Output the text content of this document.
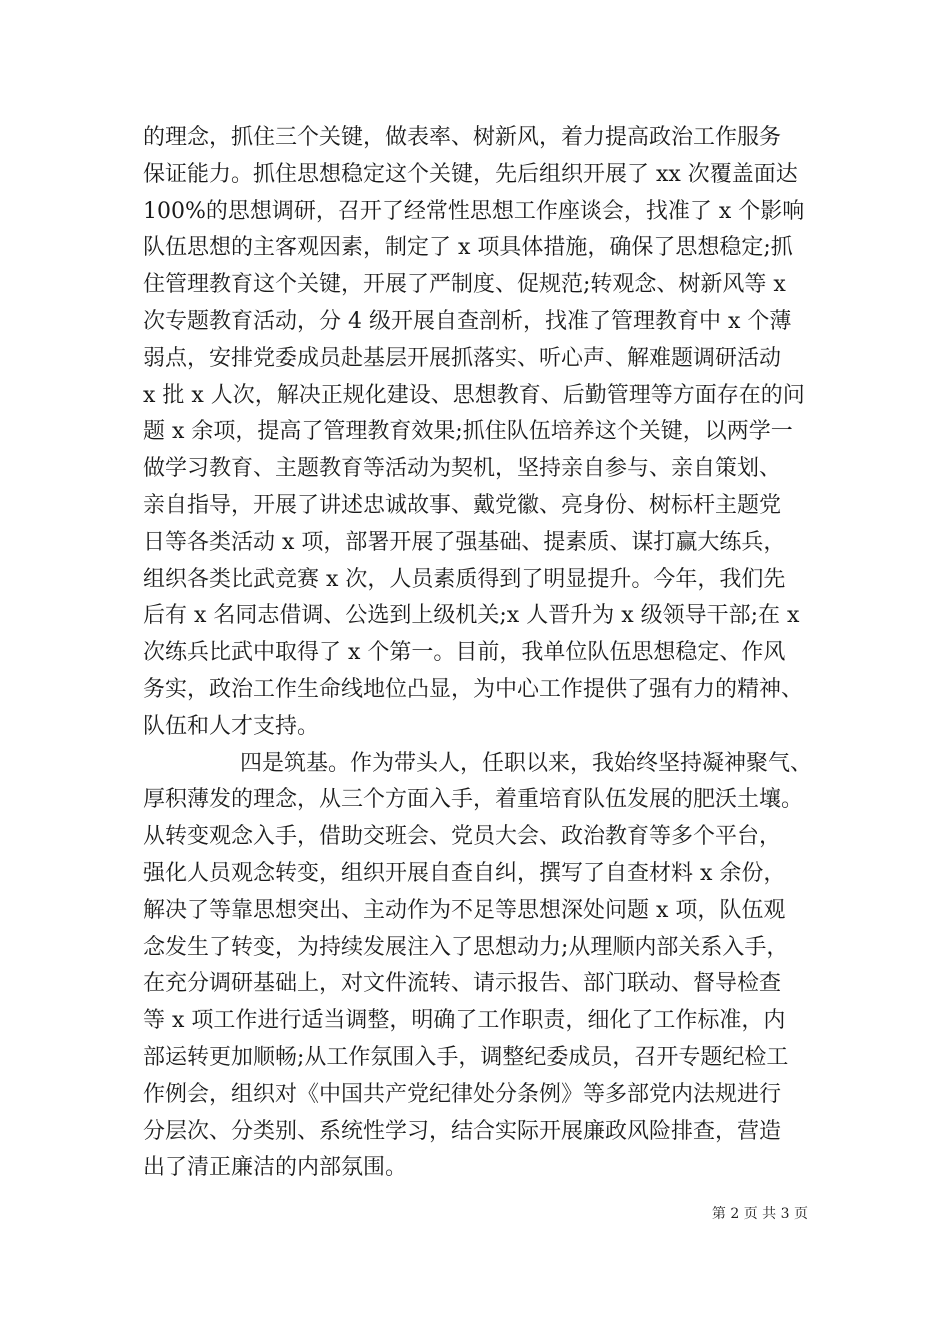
的理念，抓住三个关键，做表率、树新风，着力提高政治工作服务
保证能力。抓住思想稳定这个关键，先后组织开展了 xx 次覆盖面达
100%的思想调研，召开了经常性思想工作座谈会，找准了 x 个影响
队伍思想的主客观因素，制定了 x 项具体措施，确保了思想稳定;抓
住管理教育这个关键，开展了严制度、促规范;转观念、树新风等 x
次专题教育活动，分 4 级开展自查剖析，找准了管理教育中 x 个薄
弱点，安排党委成员赴基层开展抓落实、听心声、解难题调研活动
x 批 x 人次，解决正规化建设、思想教育、后勤管理等方面存在的问
题 x 余项，提高了管理教育效果;抓住队伍培养这个关键，以两学一
做学习教育、主题教育等活动为契机，坚持亲自参与、亲自策划、
亲自指导，开展了讲述忠诚故事、戴党徽、亮身份、树标杆主题党
日等各类活动 x 项，部署开展了强基础、提素质、谋打赢大练兵，
组织各类比武竞赛 x 次，人员素质得到了明显提升。今年，我们先
后有 x 名同志借调、公选到上级机关;x 人晋升为 x 级领导干部;在 x
次练兵比武中取得了 x 个第一。目前，我单位队伍思想稳定、作风
务实，政治工作生命线地位凸显，为中心工作提供了强有力的精神、
队伍和人才支持。
四是筑基。作为带头人，任职以来，我始终坚持凝神聚气、
厚积薄发的理念，从三个方面入手，着重培育队伍发展的肥沃土壤。
从转变观念入手，借助交班会、党员大会、政治教育等多个平台，
强化人员观念转变，组织开展自查自纠，撰写了自查材料 x 余份，
解决了等靠思想突出、主动作为不足等思想深处问题 x 项，队伍观
念发生了转变，为持续发展注入了思想动力;从理顺内部关系入手，
在充分调研基础上，对文件流转、请示报告、部门联动、督导检查
等 x 项工作进行适当调整，明确了工作职责，细化了工作标准，内
部运转更加顺畅;从工作氛围入手，调整纪委成员，召开专题纪检工
作例会，组织对《中国共产党纪律处分条例》等多部党内法规进行
分层次、分类别、系统性学习，结合实际开展廉政风险排查，营造
出了清正廉洁的内部氛围。
第 2 页 共 3 页
